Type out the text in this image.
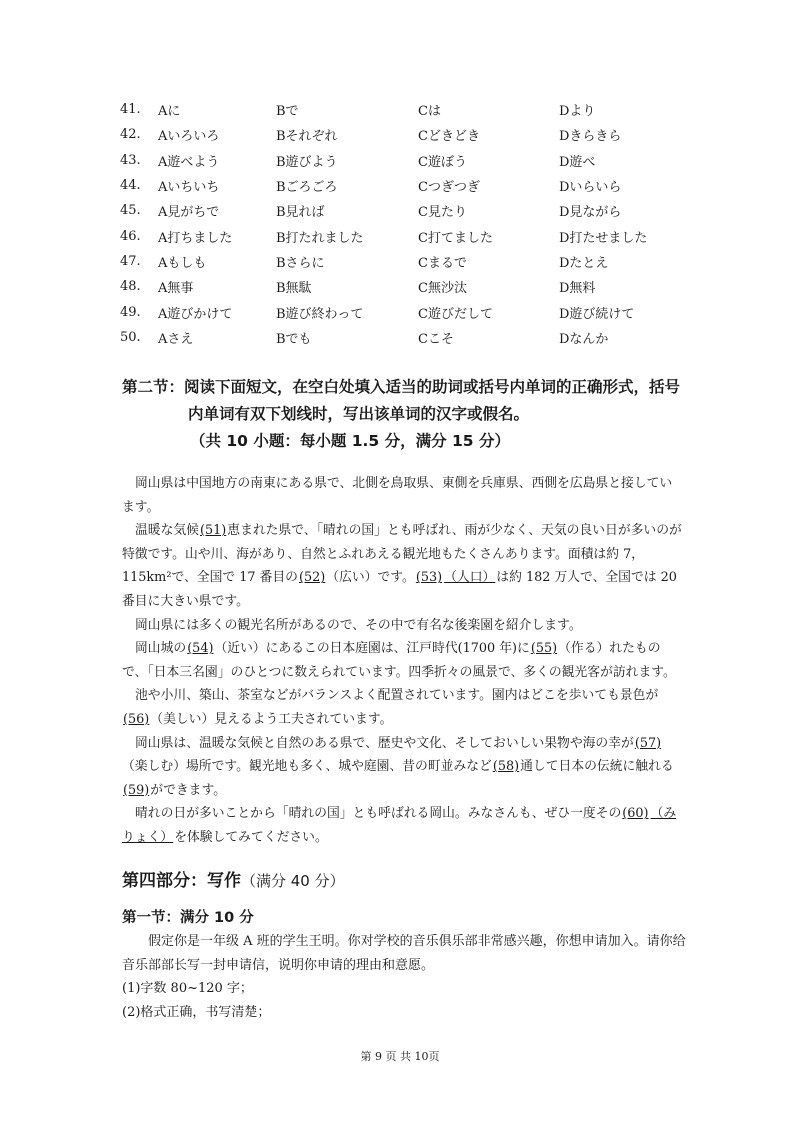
41.	Aに	Bで	Cは	Dより
42.	Aいろいろ	Bそれぞれ	Cどきどき	Dきらきら
43.	A遊べよう	B遊びよう	C遊ぼう	D遊べ
44.	Aいちいち	Bごろごろ	Cつぎつぎ	Dいらいら
45.	A見がちで	B見れば	C見たり	D見ながら
46.	A打ちました	B打たれました	C打てました	D打たせました
47.	Aもしも	Bさらに	Cまるで	Dたとえ
48.	A無事	B無駄	C無沙汰	D無料
49.	A遊びかけて	B遊び終わって	C遊びだして	D遊び続けて
50.	Aさえ	Bでも	Cこそ	Dなんか
第二节：阅读下面短文，在空白处填入适当的助词或括号内单词的正确形式，括号
内单词有双下划线时，写出该单词的汉字或假名。
（共 10 小题：每小题 1.5 分，满分 15 分）

岡山県は中国地方の南東にある県で、北側を鳥取県、東側を兵庫県、西側を広島県と接しています。

温暖な気候(51)恵まれた県で、「晴れの国」とも呼ばれ、雨が少なく、天気の良い日が多いのが特徴です。山や川、海があり、自然とふれあえる観光地もたくさんあります。面積は約 7，115km²で、全国で 17 番目の(52)（広い）です。(53) （人口）は約 182 万人で、全国では 20 番目に大きい県です。

岡山県には多くの観光名所があるので、その中で有名な後楽園を紹介します。

岡山城の(54)（近い）にあるこの日本庭園は、江戸時代(1700 年)に(55)（作る）れたもので、「日本三名園」のひとつに数えられています。四季折々の風景で、多くの観光客が訪れます。

池や小川、築山、茶室などがバランスよく配置されています。園内はどこを歩いても景色が(56)（美しい）見えるよう工夫されています。

岡山県は、温暖な気候と自然のある県で、歴史や文化、そしておいしい果物や海の幸が(57)（楽しむ）場所です。観光地も多く、城や庭園、昔の町並みなど(58)通して日本の伝統に触れる(59)ができます。

晴れの日が多いことから「晴れの国」とも呼ばれる岡山。みなさんも、ぜひ一度その(60) （みりょく）を体験してみてください。

第四部分：写作（满分 40 分）
第一节：满分 10 分

假定你是一年级 A 班的学生王明。你对学校的音乐俱乐部非常感兴趣，你想申请加入。请你给音乐部部长写一封申请信，说明你申请的理由和意愿。

(1)字数 80~120 字；

(2)格式正确，书写清楚；

第 9 页 共 10页
